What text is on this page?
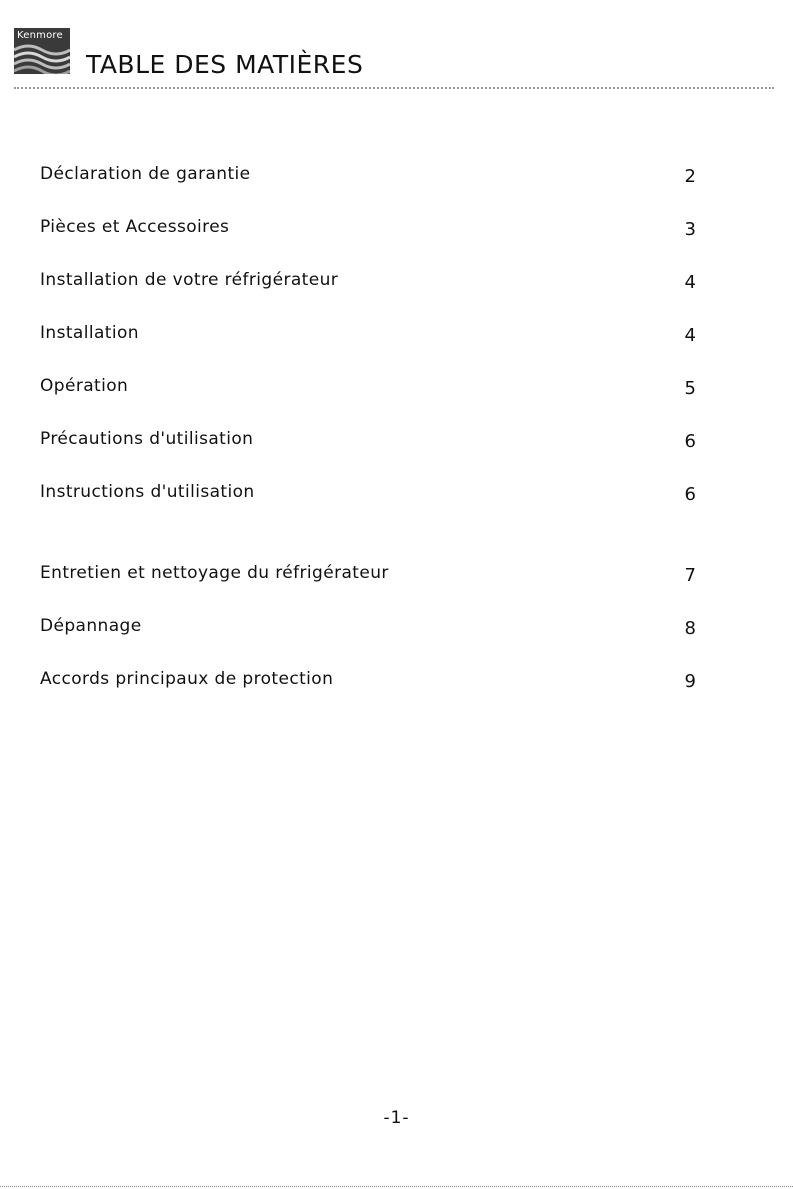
Kenmore
TABLE DES MATIÈRES
Déclaration de garantie	2
Pièces et Accessoires	3
Installation de votre réfrigérateur	4
Installation	4
Opération	5
Précautions d'utilisation	6
Instructions d'utilisation	6
Entretien et nettoyage du réfrigérateur	7
Dépannage	8
Accords principaux de protection	9
-1-
